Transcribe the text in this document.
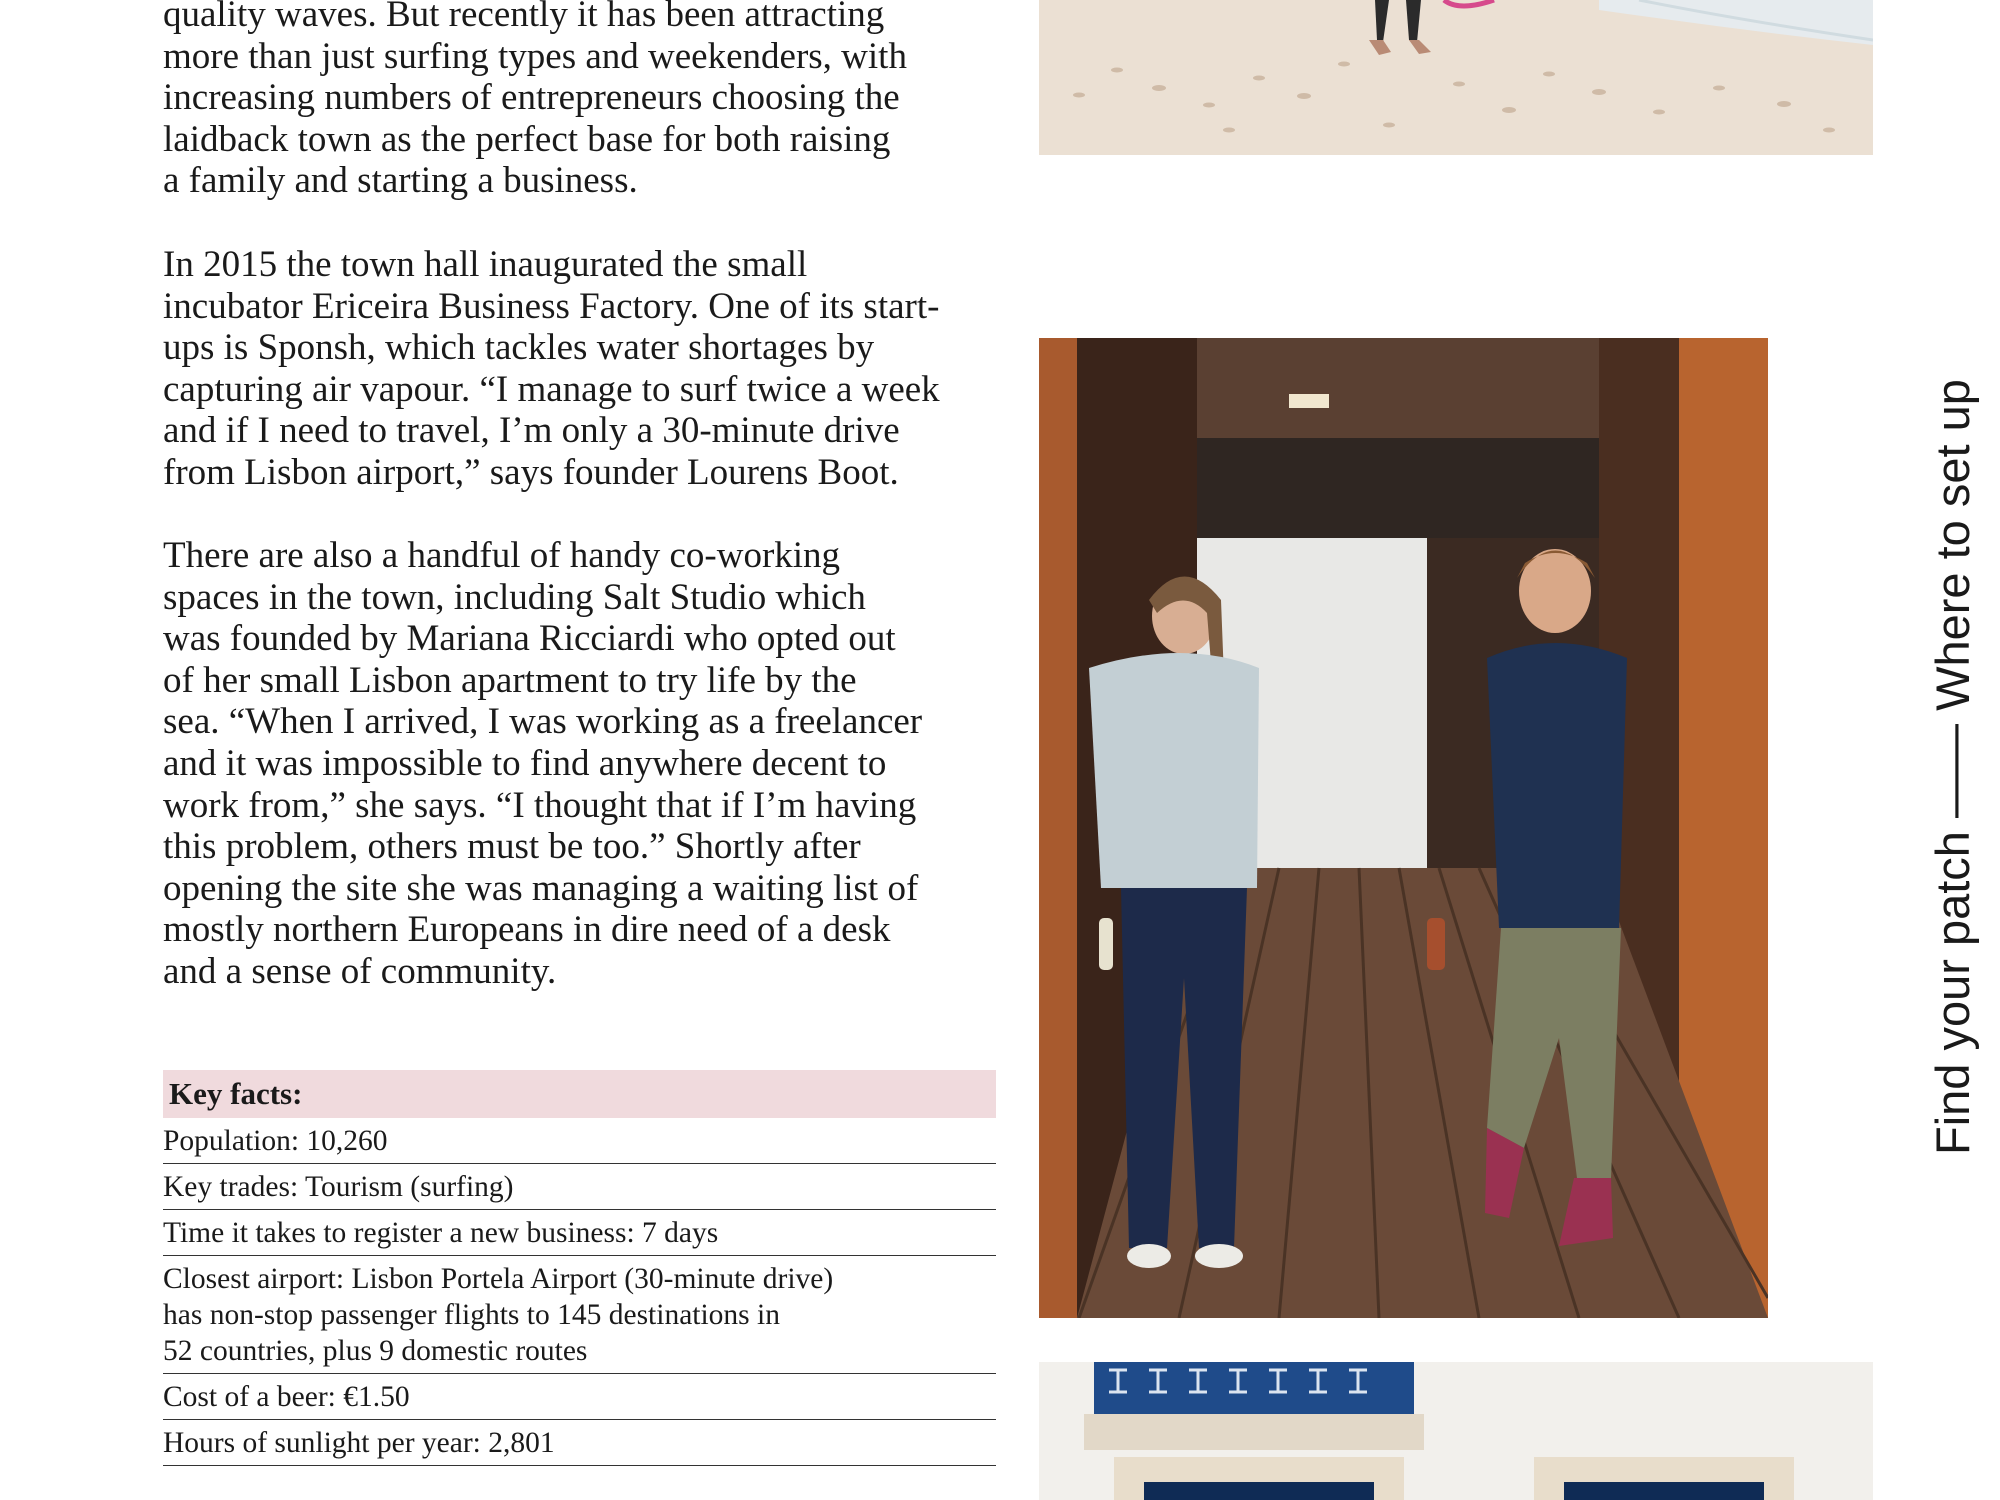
quality waves. But recently it has been attracting
more than just surfing types and weekenders, with
increasing numbers of entrepreneurs choosing the
laidback town as the perfect base for both raising
a family and starting a business.

In 2015 the town hall inaugurated the small
incubator Ericeira Business Factory. One of its start-
ups is Sponsh, which tackles water shortages by
capturing air vapour. “I manage to surf twice a week
and if I need to travel, I’m only a 30-minute drive
from Lisbon airport,” says founder Lourens Boot.

There are also a handful of handy co-working
spaces in the town, including Salt Studio which
was founded by Mariana Ricciardi who opted out
of her small Lisbon apartment to try life by the
sea. “When I arrived, I was working as a freelancer
and it was impossible to find anywhere decent to
work from,” she says. “I thought that if I’m having
this problem, others must be too.” Shortly after
opening the site she was managing a waiting list of
mostly northern Europeans in dire need of a desk
and a sense of community.

Key facts:
Population: 10,260
Key trades: Tourism (surfing)
Time it takes to register a new business: 7 days
Closest airport: Lisbon Portela Airport (30-minute drive)
has non-stop passenger flights to 145 destinations in
52 countries, plus 9 domestic routes
Cost of a beer: €1.50
Hours of sunlight per year: 2,801
Find your patch —— Where to set up
